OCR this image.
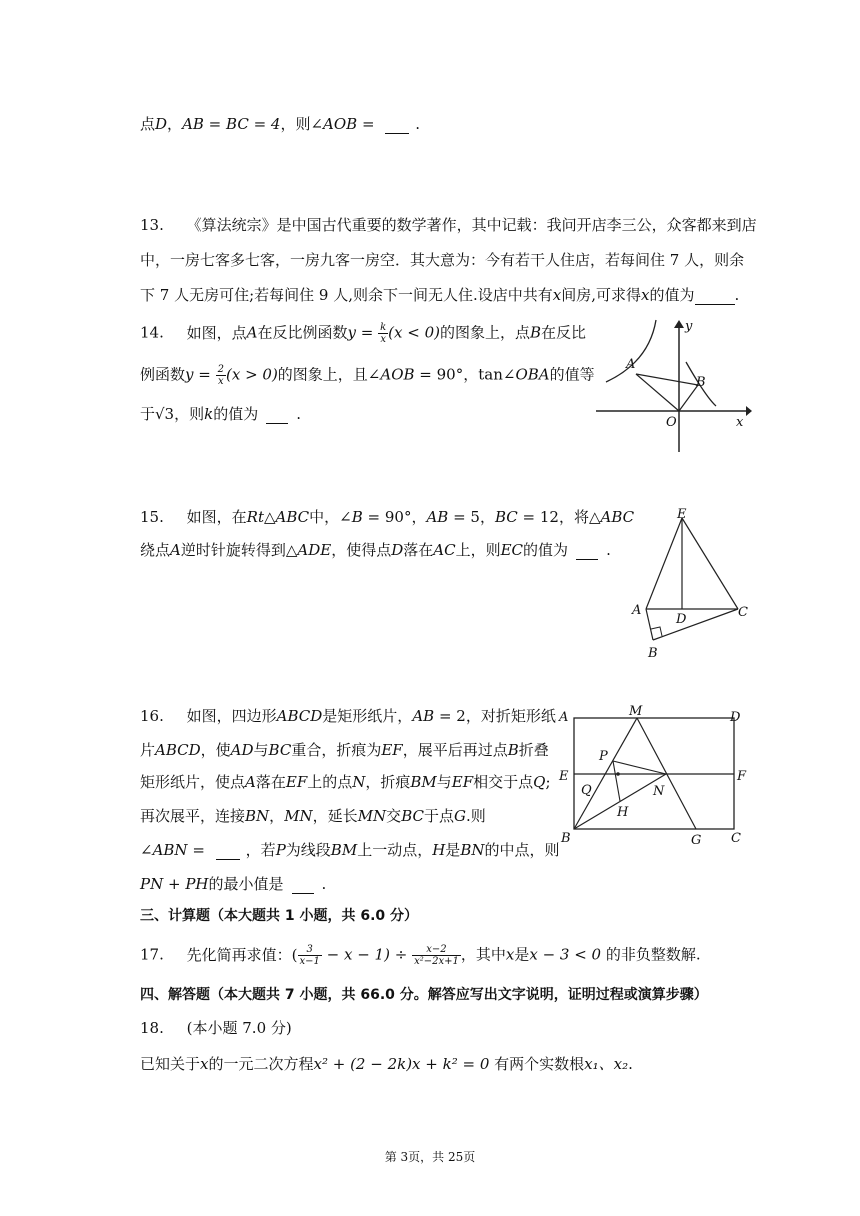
点D，AB = BC = 4，则∠AOB = .
13. 《算法统宗》是中国古代重要的数学著作，其中记载：我问开店李三公，众客都来到店
中，一房七客多七客，一房九客一房空．其大意为：今有若干人住店，若每间住 7 人，则余
下 7 人无房可住;若每间住 9 人,则余下一间无人住.设店中共有x间房,可求得x的值为	.
14. 如图，点A在反比例函数$y = \frac{k}{x} (x < 0)$的图象上，点B在反比
例函数$y = \frac{2}{x} (x > 0)$的图象上，且∠AOB = 90°，tan∠OBA的值等
于√3，则k的值为	.
A
B
O	x
y
15. 如图，在Rt△ABC中，∠B = 90°，AB = 5，BC = 12，将△ABC
绕点A逆时针旋转得到△ADE，使得点D落在AC上，则EC的值为	.
E
A
D	C
B
16. 如图，四边形ABCD是矩形纸片，AB = 2，对折矩形纸
片ABCD，使AD与BC重合，折痕为EF，展平后再过点B折叠
矩形纸片，使点A落在EF上的点N，折痕BM与EF相交于点Q;
再次展平，连接BN，MN，延长MN交BC于点G.则
∠ABN = ，若P为线段BM上一动点，H是BN的中点，则
PN + PH的最小值是	.
A	M	D
P
E	F
Q	N
H
B	G C
三、计算题（本大题共 1 小题，共 6.0 分）
17. 先化简再求值：( $\frac{3}{x-1} - x - 1) \div \frac{x-2}{\text{x²−2x+1}}$ ，其中x是x − 3 < 0 的非负整数解.
四、解答题（本大题共 7 小题，共 66.0 分。解答应写出文字说明，证明过程或演算步骤）
18. (本小题 7.0 分)
已知关于x的一元二次方程x² + (2 − 2k)x + k² = 0 有两个实数根x₁、x₂.
第 3页，共 25页
